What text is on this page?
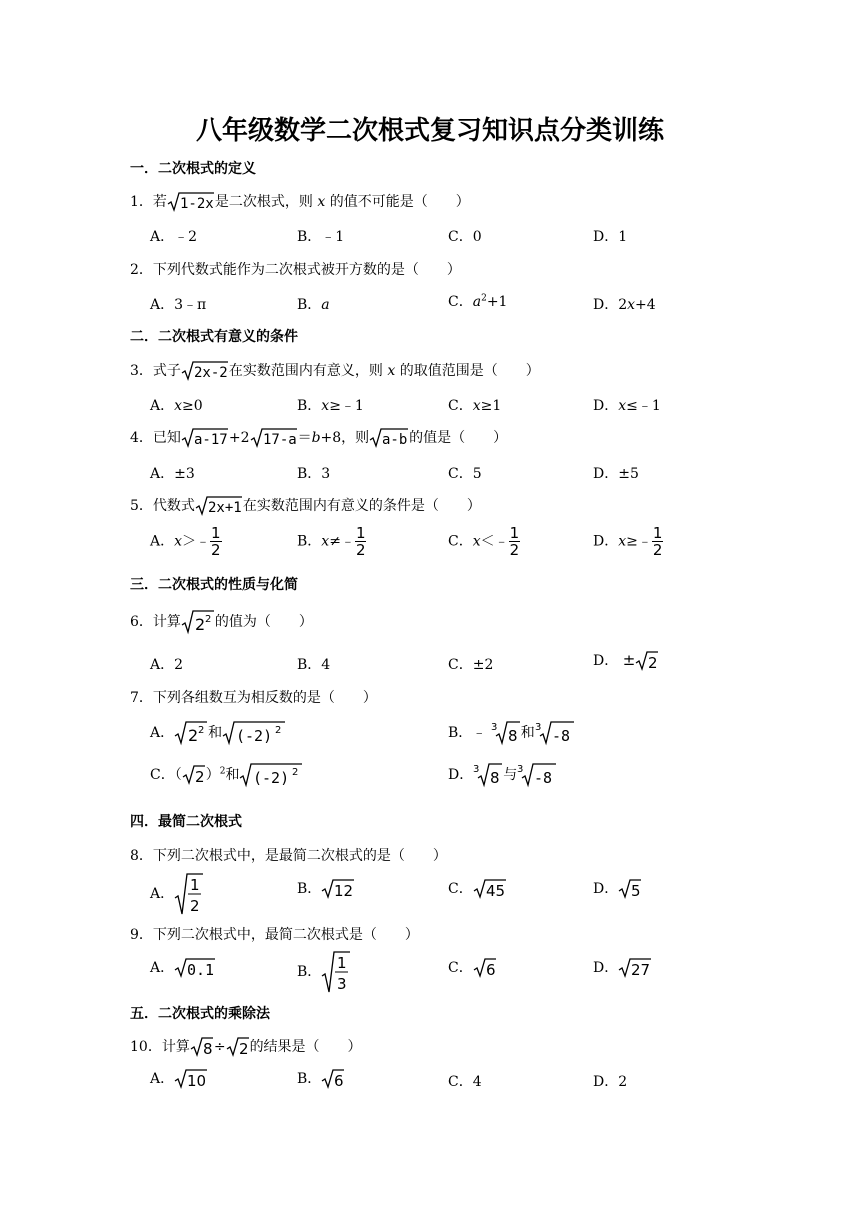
八年级数学二次根式复习知识点分类训练
一．二次根式的定义
1．若 1-2x 是二次根式，则 x 的值不可能是（　　）
A．﹣2	B．﹣1	C．0	D．1
2．下列代数式能作为二次根式被开方数的是（　　）
A．3﹣π	B．a	C．$a^2+1$	D．2x+4
二．二次根式有意义的条件
3．式子 2x-2 在实数范围内有意义，则 x 的取值范围是（　　）
A．x≥0	B．x≥﹣1	C．x≥1	D．x≤﹣1
4．已知 a-17 +2 17-a ＝b+8，则 a-b 的值是（　　）
A．±3	B．3	C．5	D．±5
5．代数式 2x+1 在实数范围内有意义的条件是（　　）
A．x＞﹣ $\frac{1}{2}$	B．x≠﹣ $\frac{1}{2}$	C．x＜﹣ $\frac{1}{2}$	D．x≥﹣ $\frac{1}{2}$
三．二次根式的性质与化简
6．计算 2 2 的值为（　　）
A．2	B．4	C．±2	D． ± 2
7．下列各组数互为相反数的是（　　）
A． 2 2 和 (-2) 2	B．﹣ 3 8 和 3 -8
C．（ 2 ）$^2$和 (-2) 2	D． 3 8 与 3 -8
四．最简二次根式
8．下列二次根式中，是最简二次根式的是（　　）
A． 1
2
B． 12	C． 45	D． 5
9．下列二次根式中，最简二次根式是（　　）
A． 0.1	B． 1
3
C． 6	D． 27
五．二次根式的乘除法
10．计算 8 ÷ 2 的结果是（　　）
A． 10	B． 6	C．4	D．2
